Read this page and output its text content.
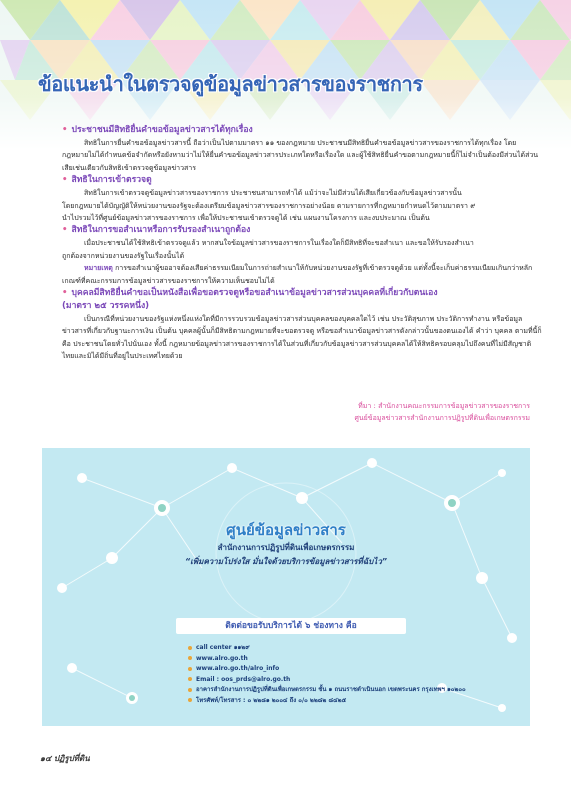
ข้อแนะนำในตรวจดูข้อมูลข่าวสารของราชการ
• ประชาชนมีสิทธิยื่นคำขอข้อมูลข่าวสารได้ทุกเรื่อง

สิทธิในการยื่นคำขอข้อมูลข่าวสารนี้ ถือว่าเป็นไปตามมาตรา ๑๑ ของกฎหมาย ประชาชนมีสิทธิยื่นคำขอข้อมูลข่าวสารของราชการได้ทุกเรื่อง โดยกฎหมายไม่ได้กำหนดข้อจำกัดหรือยังหามว่าไม่ให้ยื่นคำขอข้อมูลข่าวสารประเภทใดหรือเรื่องใด และผู้ใช้สิทธิยื่นคำขอตามกฎหมายนี้ก็ไม่จำเป็นต้องมีส่วนได้ส่วนเสียเช่นเดียวกับสิทธิเข้าตรวจดูข้อมูลข่าวสาร

• สิทธิในการเข้าตรวจดู

สิทธิในการเข้าตรวจดูข้อมูลข่าวสารของราชการ ประชาชนสามารถทำได้ แม้ว่าจะไม่มีส่วนได้เสียเกี่ยวข้องกับข้อมูลข่าวสารนั้น
โดยกฎหมายได้บัญญัติให้หน่วยงานของรัฐจะต้องเตรียมข้อมูลข่าวสารของราชการอย่างน้อย ตามรายการที่กฎหมายกำหนดไว้ตามมาตรา ๙
นำไปรวมไว้ที่ศูนย์ข้อมูลข่าวสารของราชการ เพื่อให้ประชาชนเข้าตรวจดูได้ เช่น แผนงานโครงการ และงบประมาณ เป็นต้น

• สิทธิในการขอสำเนาหรือการรับรองสำเนาถูกต้อง

เมื่อประชาชนได้ใช้สิทธิเข้าตรวจดูแล้ว หากสนใจข้อมูลข่าวสารของราชการในเรื่องใดก็มีสิทธิที่จะขอสำเนา และขอให้รับรองสำเนา
ถูกต้องจากหน่วยงานของรัฐในเรื่องนั้นได้

หมายเหตุ การขอสำเนาผู้ขออาจต้องเสียค่าธรรมเนียมในการถ่ายสำเนาให้กับหน่วยงานของรัฐที่เข้าตรวจดูด้วย แต่ทั้งนี้จะเก็บค่าธรรมเนียมเกินกว่าหลักเกณฑ์ที่คณะกรรมการข้อมูลข่าวสารของราชการให้ความเห็นชอบไม่ได้

• บุคคลมีสิทธิยื่นคำขอเป็นหนังสือเพื่อขอตรวจดูหรือขอสำเนาข้อมูลข่าวสารส่วนบุคคลที่เกี่ยวกับตนเอง
(มาตรา ๒๕ วรรคหนึ่ง)

เป็นกรณีที่หน่วยงานของรัฐแห่งหนึ่งแห่งใดที่มีการรวบรวมข้อมูลข่าวสารส่วนบุคคลของบุคคลใดไว้ เช่น ประวัติสุขภาพ ประวัติการทำงาน หรือข้อมูลข่าวสารที่เกี่ยวกับฐานะการเงิน เป็นต้น บุคคลผู้นั้นก็มีสิทธิตามกฎหมายที่จะขอตรวจดู หรือขอสำเนาข้อมูลข่าวสารดังกล่าวนั้นของตนเองได้ คำว่า บุคคล ตามที่นี้ก็คือ ประชาชนโดยทั่วไปนั่นเอง ทั้งนี้ กฎหมายข้อมูลข่าวสารของราชการได้ในส่วนที่เกี่ยวกับข้อมูลข่าวสารส่วนบุคคลได้ให้สิทธิครอบคลุมไปถึงคนที่ไม่มีสัญชาติไทยและมิได้มีถิ่นที่อยู่ในประเทศไทยด้วย

ที่มา : สำนักงานคณะกรรมการข้อมูลข่าวสารของราชการ
ศูนย์ข้อมูลข่าวสารสำนักงานการปฏิรูปที่ดินเพื่อเกษตรกรรม
ศูนย์ข้อมูลข่าวสาร
สำนักงานการปฏิรูปที่ดินเพื่อเกษตรกรรม
“เพิ่มความโปร่งใส มั่นใจด้วยบริการข้อมูลข่าวสารที่ฉับไว”
ติดต่อขอรับบริการได้ ๖ ช่องทาง คือ
call center ๑๑๒๙
www.alro.go.th
www.alro.go.th/alro_info
Email : oos_prds@alro.go.th
อาคารสำนักงานการปฏิรูปที่ดินเพื่อเกษตรกรรม ชั้น ๑ ถนนราชดำเนินนอก เขตพระนคร กรุงเทพฯ ๑๐๒๐๐
โทรศัพท์/โทรสาร : ๐ ๒๒๘๑ ๒๐๐๔ ถึง ๐/๐ ๒๒๘๒ ๘๔๒๕
๑๔ ปฏิรูปที่ดิน
